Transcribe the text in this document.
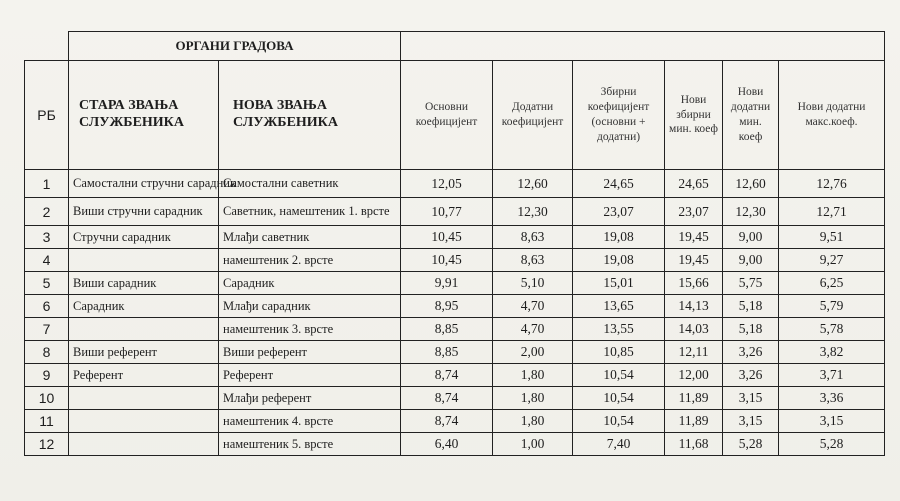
	ОРГАНИ ГРАДОВА							
РБ	СТАРА ЗВАЊА СЛУЖБЕНИКА	НОВА ЗВАЊА СЛУЖБЕНИКА	Основни коефицијент	Додатни коефицијент	Збирни коефицијент (основни + додатни)	Нови збирни мин. коеф	Нови додатни мин. коеф	Нови додатни макс.коеф.
1	Самостални стручни сарадник	Самостални саветник	12,05	12,60	24,65	24,65	12,60	12,76
2	Виши стручни сарадник	Саветник, намештеник 1. врсте	10,77	12,30	23,07	23,07	12,30	12,71
3	Стручни сарадник	Млађи саветник	10,45	8,63	19,08	19,45	9,00	9,51
4		намештеник 2. врсте	10,45	8,63	19,08	19,45	9,00	9,27
5	Виши сарадник	Сарадник	9,91	5,10	15,01	15,66	5,75	6,25
6	Сарадник	Млађи сарадник	8,95	4,70	13,65	14,13	5,18	5,79
7		намештеник 3. врсте	8,85	4,70	13,55	14,03	5,18	5,78
8	Виши референт	Виши референт	8,85	2,00	10,85	12,11	3,26	3,82
9	Референт	Референт	8,74	1,80	10,54	12,00	3,26	3,71
10		Млађи референт	8,74	1,80	10,54	11,89	3,15	3,36
11		намештеник 4. врсте	8,74	1,80	10,54	11,89	3,15	3,15
12		намештеник 5. врсте	6,40	1,00	7,40	11,68	5,28	5,28
